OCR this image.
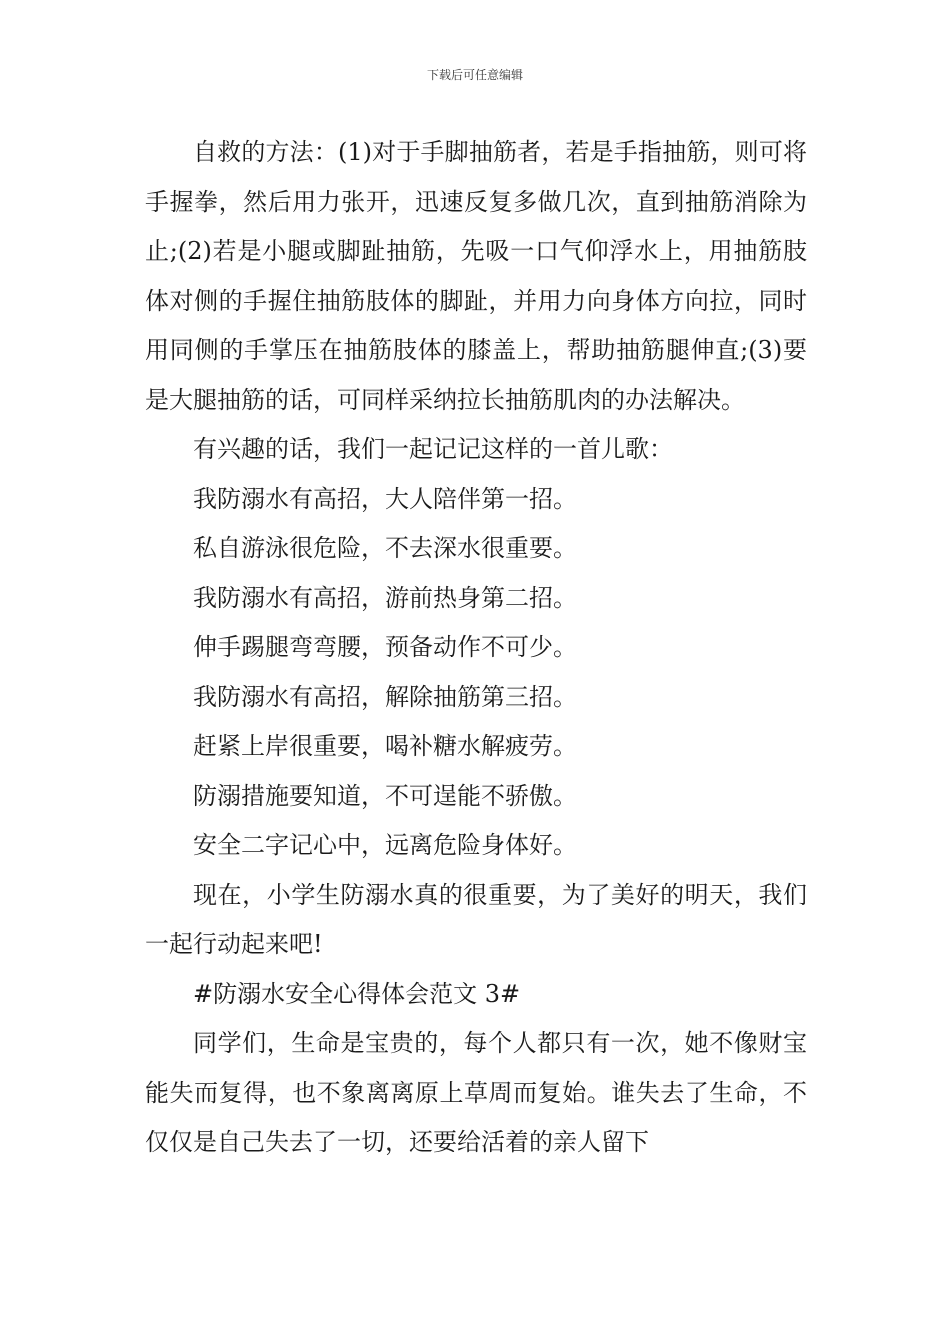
下载后可任意编辑

自救的方法：(1)对于手脚抽筋者，若是手指抽筋，则可将手握拳，然后用力张开，迅速反复多做几次，直到抽筋消除为止;(2)若是小腿或脚趾抽筋，先吸一口气仰浮水上，用抽筋肢体对侧的手握住抽筋肢体的脚趾，并用力向身体方向拉，同时用同侧的手掌压在抽筋肢体的膝盖上，帮助抽筋腿伸直;(3)要是大腿抽筋的话，可同样采纳拉长抽筋肌肉的办法解决。

有兴趣的话，我们一起记记这样的一首儿歌：

我防溺水有高招，大人陪伴第一招。

私自游泳很危险，不去深水很重要。

我防溺水有高招，游前热身第二招。

伸手踢腿弯弯腰，预备动作不可少。

我防溺水有高招，解除抽筋第三招。

赶紧上岸很重要，喝补糖水解疲劳。

防溺措施要知道，不可逞能不骄傲。

安全二字记心中，远离危险身体好。

现在，小学生防溺水真的很重要，为了美好的明天，我们一起行动起来吧!

#防溺水安全心得体会范文 3#

同学们，生命是宝贵的，每个人都只有一次，她不像财宝能失而复得，也不象离离原上草周而复始。谁失去了生命，不仅仅是自己失去了一切，还要给活着的亲人留下
